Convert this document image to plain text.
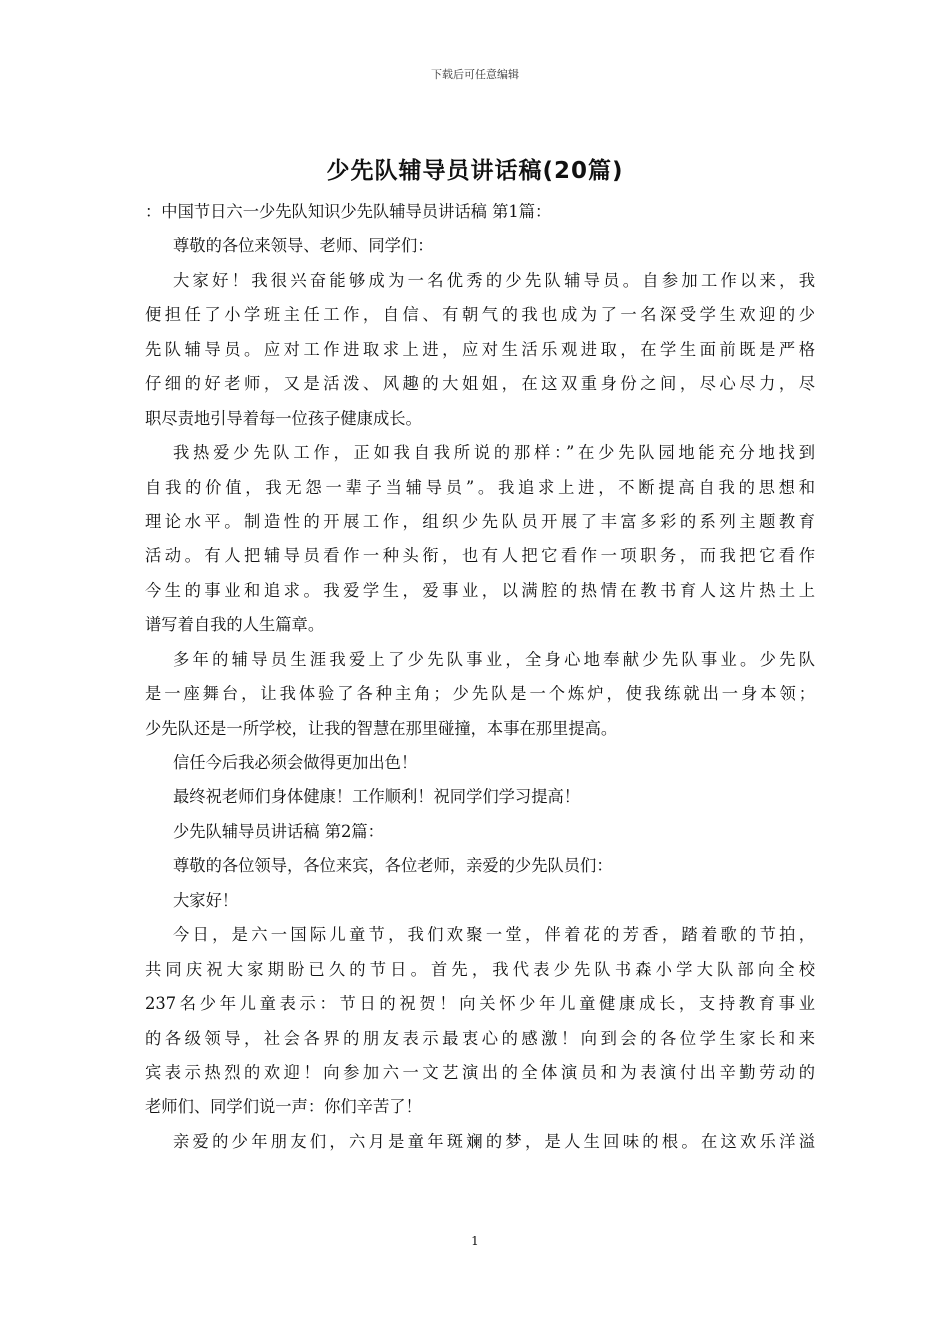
下载后可任意编辑
少先队辅导员讲话稿(20篇)
：中国节日六一少先队知识少先队辅导员讲话稿 第1篇：
尊敬的各位来领导、老师、同学们：
大家好！我很兴奋能够成为一名优秀的少先队辅导员。自参加工作以来，我
便担任了小学班主任工作，自信、有朝气的我也成为了一名深受学生欢迎的少
先队辅导员。应对工作进取求上进，应对生活乐观进取，在学生面前既是严格
仔细的好老师，又是活泼、风趣的大姐姐，在这双重身份之间，尽心尽力，尽
职尽责地引导着每一位孩子健康成长。
我热爱少先队工作，正如我自我所说的那样：”在少先队园地能充分地找到
自我的价值，我无怨一辈子当辅导员”。我追求上进，不断提高自我的思想和
理论水平。制造性的开展工作，组织少先队员开展了丰富多彩的系列主题教育
活动。有人把辅导员看作一种头衔，也有人把它看作一项职务，而我把它看作
今生的事业和追求。我爱学生，爱事业，以满腔的热情在教书育人这片热土上
谱写着自我的人生篇章。
多年的辅导员生涯我爱上了少先队事业，全身心地奉献少先队事业。少先队
是一座舞台，让我体验了各种主角；少先队是一个炼炉，使我练就出一身本领；
少先队还是一所学校，让我的智慧在那里碰撞，本事在那里提高。
信任今后我必须会做得更加出色！
最终祝老师们身体健康！工作顺利！祝同学们学习提高！
少先队辅导员讲话稿 第2篇：
尊敬的各位领导，各位来宾，各位老师，亲爱的少先队员们：
大家好！
今日，是六一国际儿童节，我们欢聚一堂，伴着花的芳香，踏着歌的节拍，
共同庆祝大家期盼已久的节日。首先，我代表少先队书森小学大队部向全校
237名少年儿童表示：节日的祝贺！向关怀少年儿童健康成长，支持教育事业
的各级领导，社会各界的朋友表示最衷心的感激！向到会的各位学生家长和来
宾表示热烈的欢迎！向参加六一文艺演出的全体演员和为表演付出辛勤劳动的
老师们、同学们说一声：你们辛苦了！
亲爱的少年朋友们，六月是童年斑斓的梦，是人生回味的根。在这欢乐洋溢
1
